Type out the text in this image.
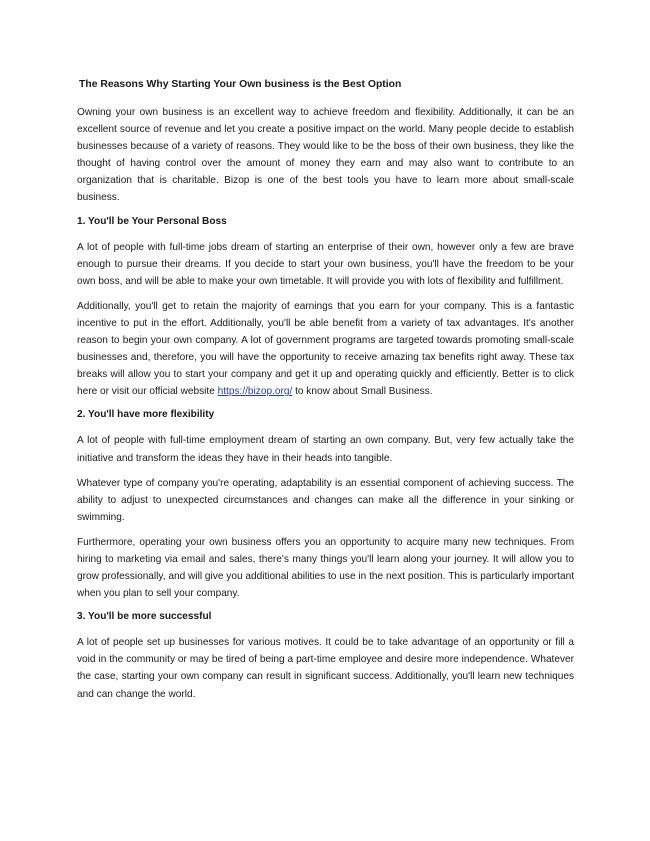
The Reasons Why Starting Your Own business is the Best Option

Owning your own business is an excellent way to achieve freedom and flexibility. Additionally, it can be an excellent source of revenue and let you create a positive impact on the world. Many people decide to establish businesses because of a variety of reasons. They would like to be the boss of their own business, they like the thought of having control over the amount of money they earn and may also want to contribute to an organization that is charitable. Bizop is one of the best tools you have to learn more about small-scale business.

1. You'll be Your Personal Boss

A lot of people with full-time jobs dream of starting an enterprise of their own, however only a few are brave enough to pursue their dreams. If you decide to start your own business, you'll have the freedom to be your own boss, and will be able to make your own timetable. It will provide you with lots of flexibility and fulfillment.

Additionally, you'll get to retain the majority of earnings that you earn for your company. This is a fantastic incentive to put in the effort. Additionally, you'll be able benefit from a variety of tax advantages. It's another reason to begin your own company. A lot of government programs are targeted towards promoting small-scale businesses and, therefore, you will have the opportunity to receive amazing tax benefits right away. These tax breaks will allow you to start your company and get it up and operating quickly and efficiently. Better is to click here or visit our official website https://bizop.org/ to know about Small Business.

2. You'll have more flexibility

A lot of people with full-time employment dream of starting an own company. But, very few actually take the initiative and transform the ideas they have in their heads into tangible.

Whatever type of company you're operating, adaptability is an essential component of achieving success. The ability to adjust to unexpected circumstances and changes can make all the difference in your sinking or swimming.

Furthermore, operating your own business offers you an opportunity to acquire many new techniques. From hiring to marketing via email and sales, there's many things you'll learn along your journey. It will allow you to grow professionally, and will give you additional abilities to use in the next position. This is particularly important when you plan to sell your company.

3. You'll be more successful

A lot of people set up businesses for various motives. It could be to take advantage of an opportunity or fill a void in the community or may be tired of being a part-time employee and desire more independence. Whatever the case, starting your own company can result in significant success. Additionally, you'll learn new techniques and can change the world.
